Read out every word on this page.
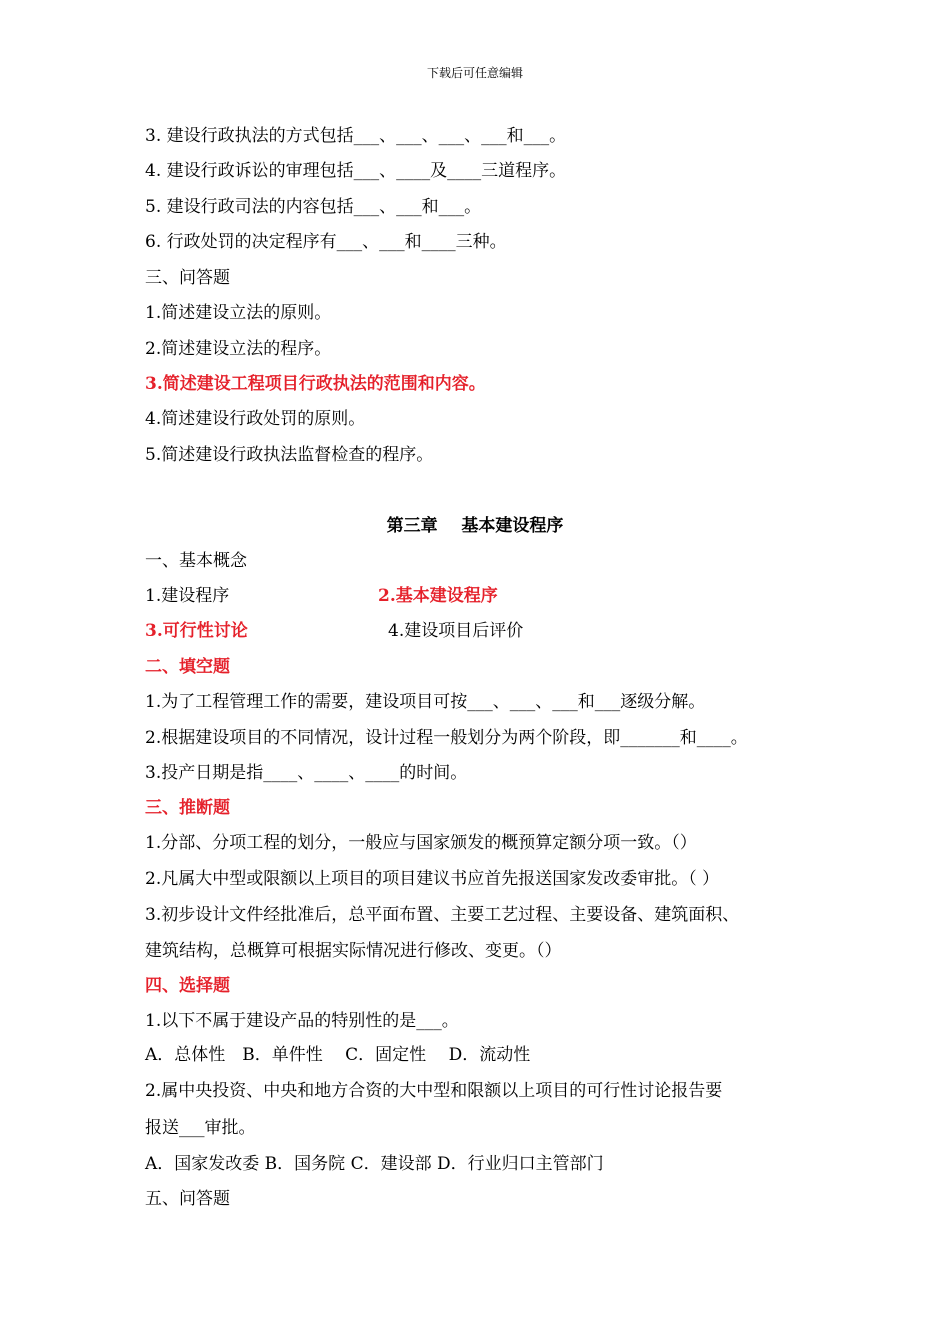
下载后可任意编辑
3. 建设行政执法的方式包括___、___、___、___和___。
4. 建设行政诉讼的审理包括___、____及____三道程序。
5. 建设行政司法的内容包括___、___和___。
6. 行政处罚的决定程序有___、___和____三种。
三、问答题
1.简述建设立法的原则。
2.简述建设立法的程序。
3.简述建设工程项目行政执法的范围和内容。
4.简述建设行政处罚的原则。
5.简述建设行政执法监督检查的程序。
第三章    基本建设程序
一、基本概念
1.建设程序	2.基本建设程序
3.可行性讨论	4.建设项目后评价
二、填空题
1.为了工程管理工作的需要，建设项目可按___、___、___和___逐级分解。
2.根据建设项目的不同情况，设计过程一般划分为两个阶段，即_______和____。
3.投产日期是指____、____、____的时间。
三、推断题
1.分部、分项工程的划分，一般应与国家颁发的概预算定额分项一致。（）
2.凡属大中型或限额以上项目的项目建议书应首先报送国家发改委审批。（ ）
3.初步设计文件经批准后，总平面布置、主要工艺过程、主要设备、建筑面积、
建筑结构，总概算可根据实际情况进行修改、变更。（）
四、选择题
1.以下不属于建设产品的特别性的是___。
A．总体性　B．单件性　 C．固定性　 D．流动性
2.属中央投资、中央和地方合资的大中型和限额以上项目的可行性讨论报告要
报送___审批。
A．国家发改委 B．国务院 C．建设部 D．行业归口主管部门
五、问答题
